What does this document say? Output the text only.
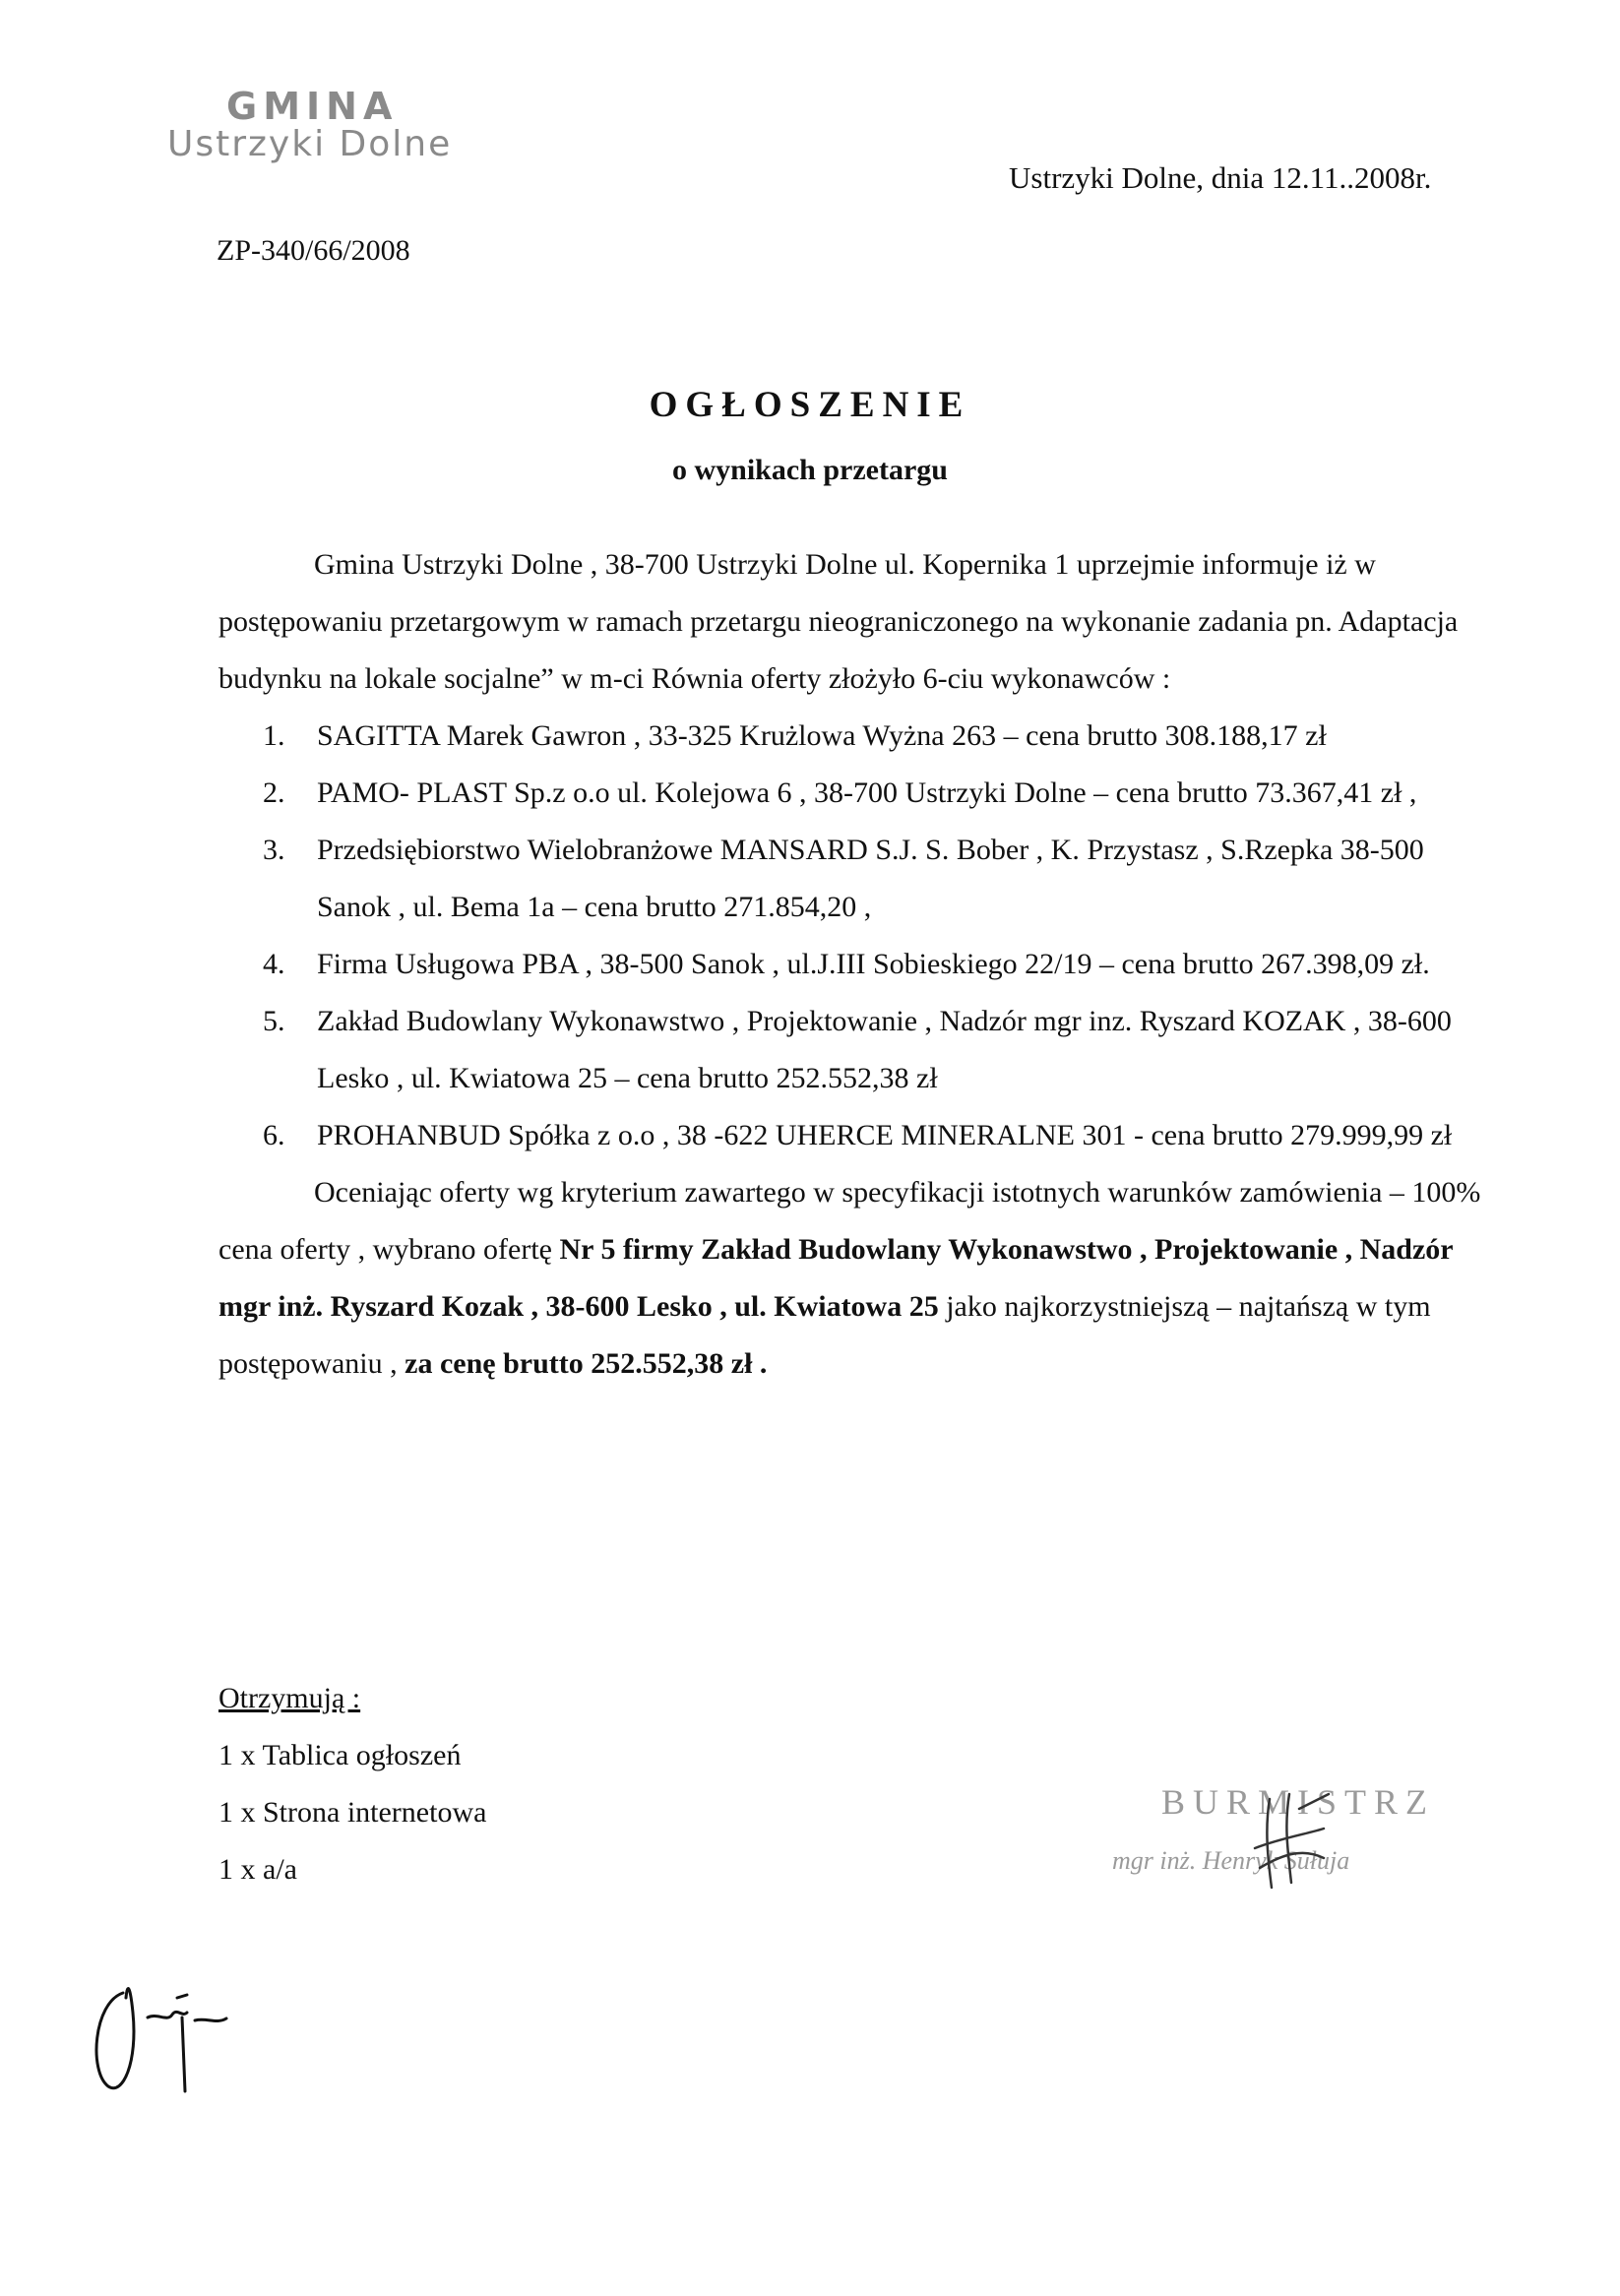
GMINA
Ustrzyki Dolne
Ustrzyki Dolne, dnia 12.11..2008r.
ZP-340/66/2008
OGŁOSZENIE
o wynikach przetargu

Gmina Ustrzyki Dolne , 38-700 Ustrzyki Dolne ul. Kopernika 1 uprzejmie informuje iż w postępowaniu przetargowym w ramach przetargu nieograniczonego na wykonanie zadania pn. Adaptacja budynku na lokale socjalne” w m-ci Równia oferty złożyło 6-ciu wykonawców :

1. SAGITTA Marek Gawron , 33-325 Krużlowa Wyżna 263 – cena brutto 308.188,17 zł
2. PAMO- PLAST Sp.z o.o ul. Kolejowa 6 , 38-700 Ustrzyki Dolne – cena brutto 73.367,41 zł ,
3. Przedsiębiorstwo Wielobranżowe MANSARD S.J. S. Bober , K. Przystasz , S.Rzepka 38-500 Sanok , ul. Bema 1a – cena brutto 271.854,20 ,
4. Firma Usługowa PBA , 38-500 Sanok , ul.J.III Sobieskiego 22/19 – cena brutto 267.398,09 zł.
5. Zakład Budowlany Wykonawstwo , Projektowanie , Nadzór mgr inz. Ryszard KOZAK , 38-600 Lesko , ul. Kwiatowa 25 – cena brutto 252.552,38 zł
6. PROHANBUD Spółka z o.o , 38 -622 UHERCE MINERALNE 301 - cena brutto 279.999,99 zł

Oceniając oferty wg kryterium zawartego w specyfikacji istotnych warunków zamówienia – 100% cena oferty , wybrano ofertę Nr 5 firmy Zakład Budowlany Wykonawstwo , Projektowanie , Nadzór mgr inż. Ryszard Kozak , 38-600 Lesko , ul. Kwiatowa 25 jako najkorzystniejszą – najtańszą w tym postępowaniu , za cenę brutto 252.552,38 zł .

Otrzymują :
1 x Tablica ogłoszeń
1 x Strona internetowa
1 x a/a
BURMISTRZ
mgr inż. Henryk Sułuja
